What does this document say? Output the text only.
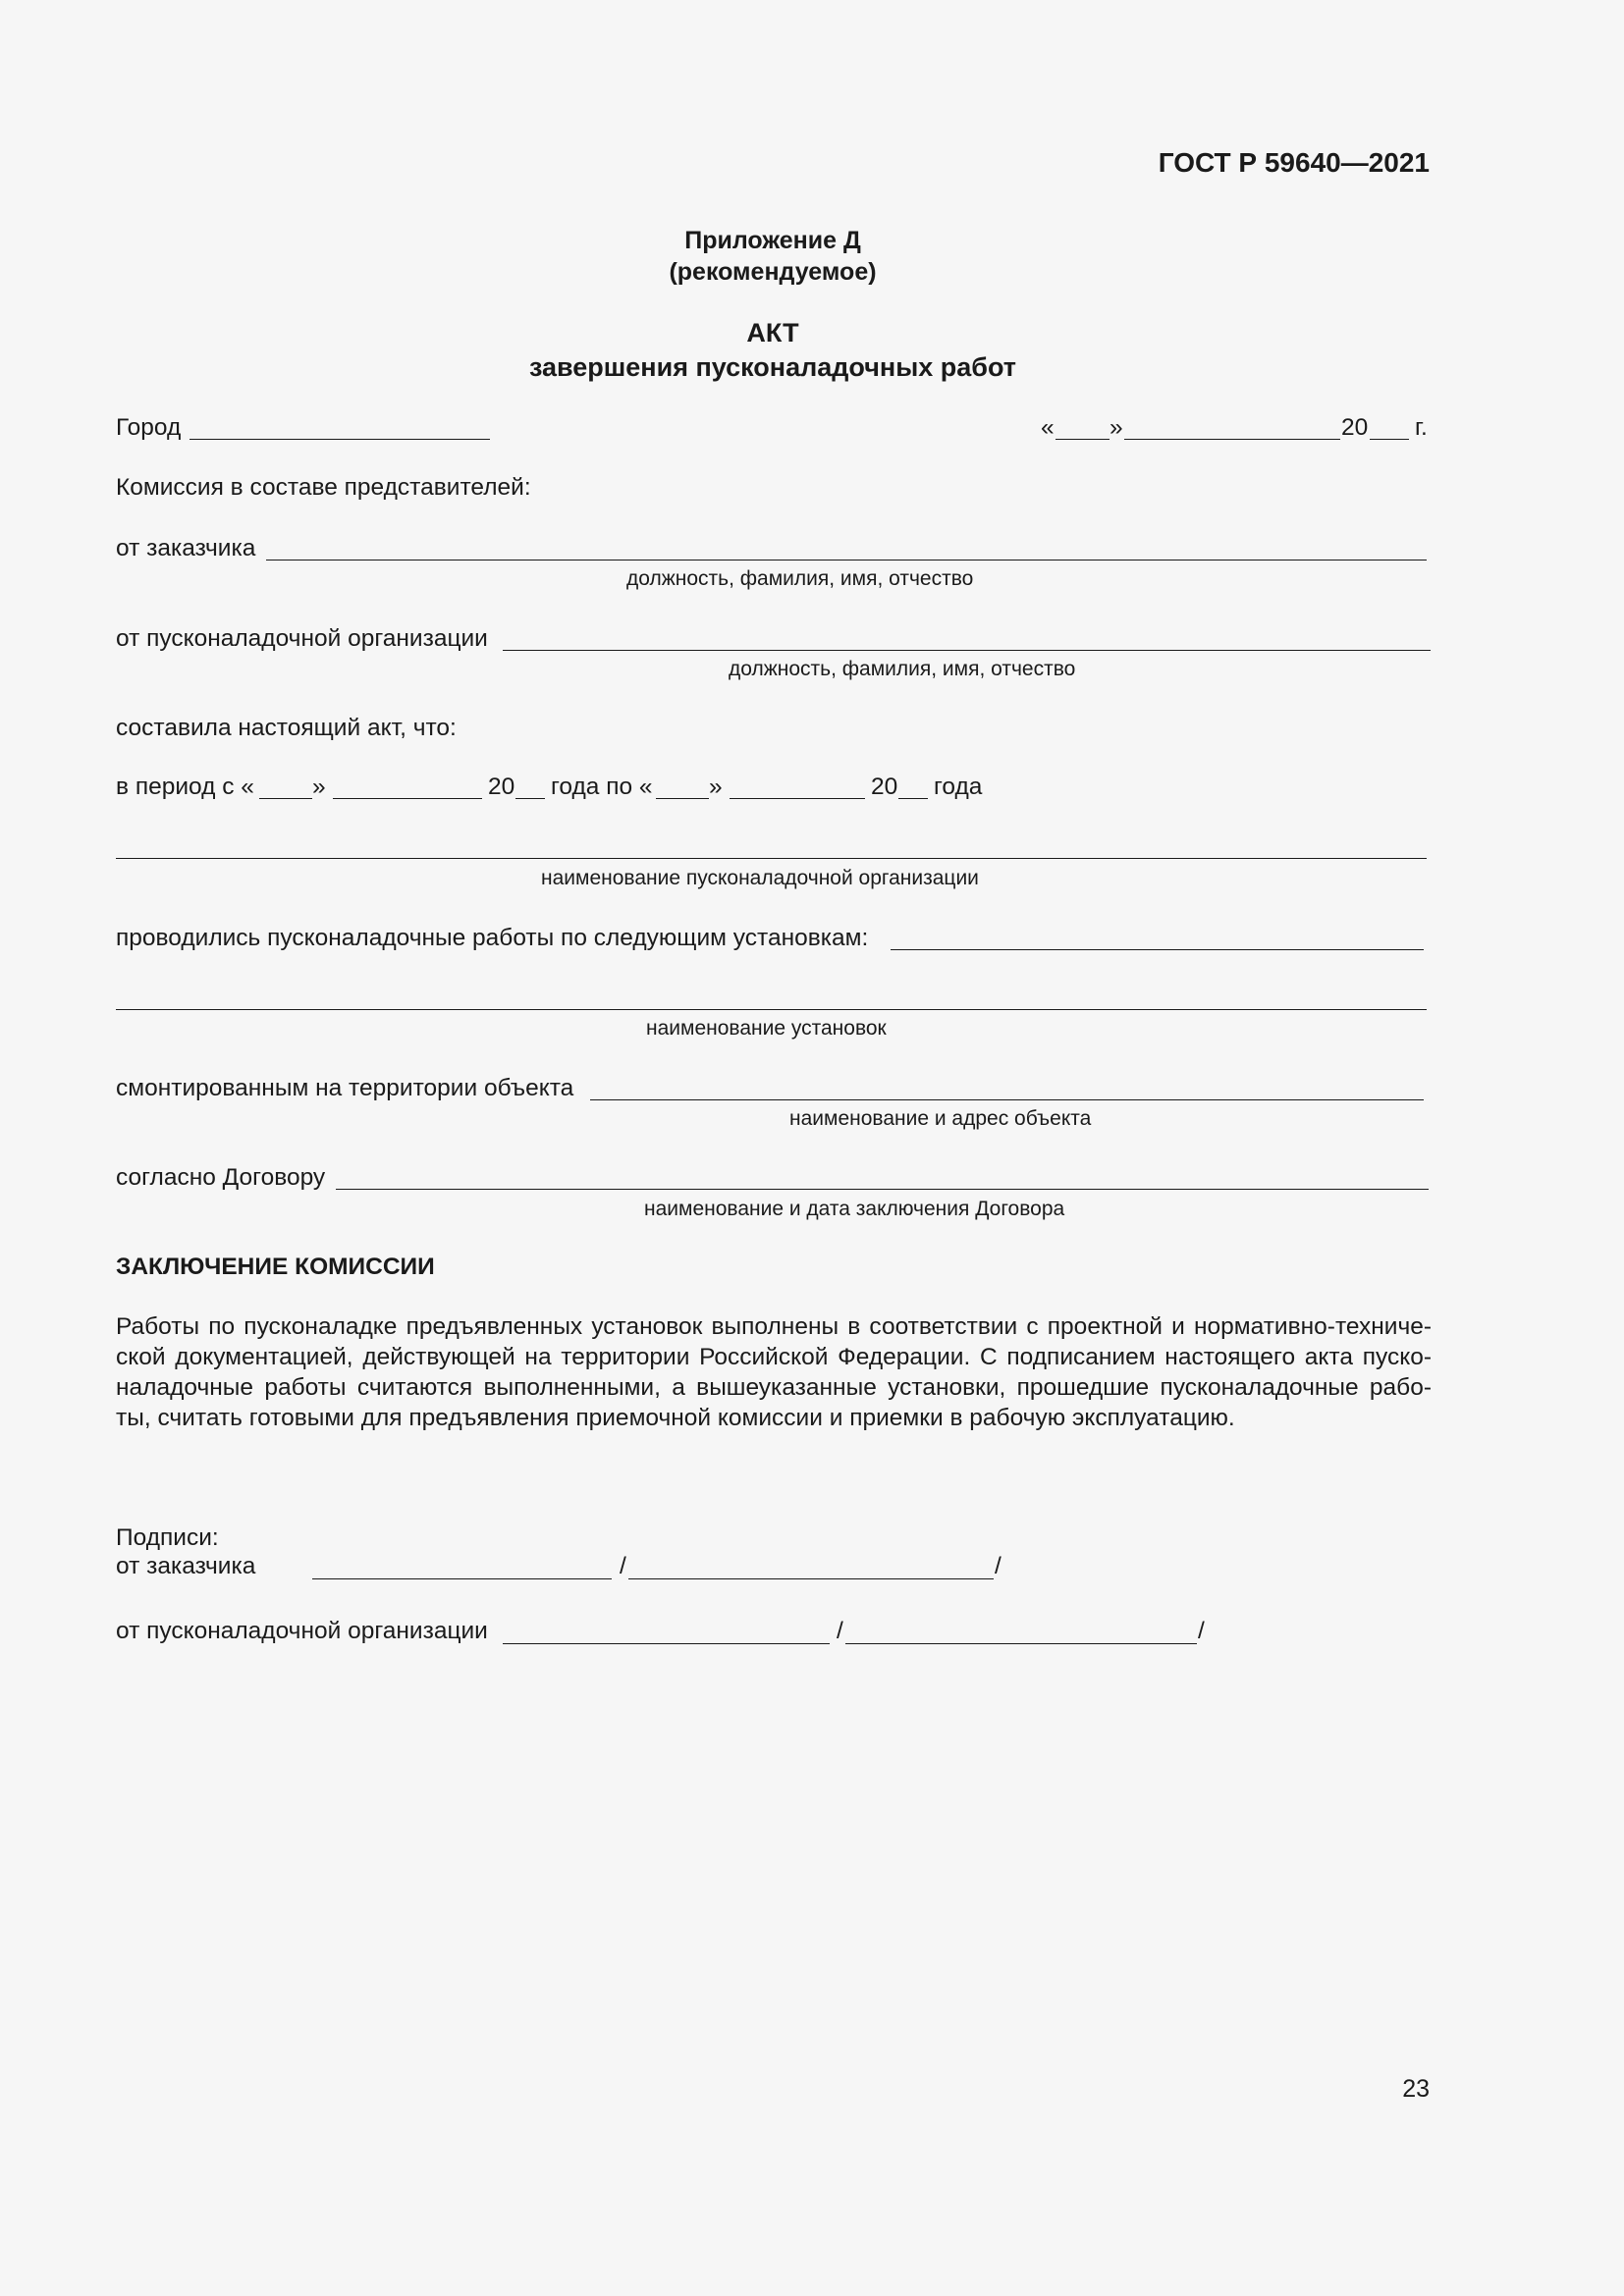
ГОСТ Р 59640—2021
Приложение Д
(рекомендуемое)
АКТ
завершения пусконаладочных работ
Город	« »	20 г.
Комиссия в составе представителей:
от заказчика
должность, фамилия, имя, отчество
от пусконаладочной организации
должность, фамилия, имя, отчество
составила настоящий акт, что:
в период с « »	20 года по « »	20 года
наименование пусконаладочной организации
проводились пусконаладочные работы по следующим установкам:
наименование установок
смонтированным на территории объекта
наименование и адрес объекта
согласно Договору
наименование и дата заключения Договора
ЗАКЛЮЧЕНИЕ КОМИССИИ
Работы по пусконаладке предъявленных установок выполнены в соответствии с проектной и нормативно-техниче-
ской документацией, действующей на территории Российской Федерации. С подписанием настоящего акта пуско-
наладочные работы считаются выполненными, а вышеуказанные установки, прошедшие пусконаладочные рабо-
ты, считать готовыми для предъявления приемочной комиссии и приемки в рабочую эксплуатацию.
Подписи:
от заказчика	/	/
от пусконаладочной организации	/	/
23
